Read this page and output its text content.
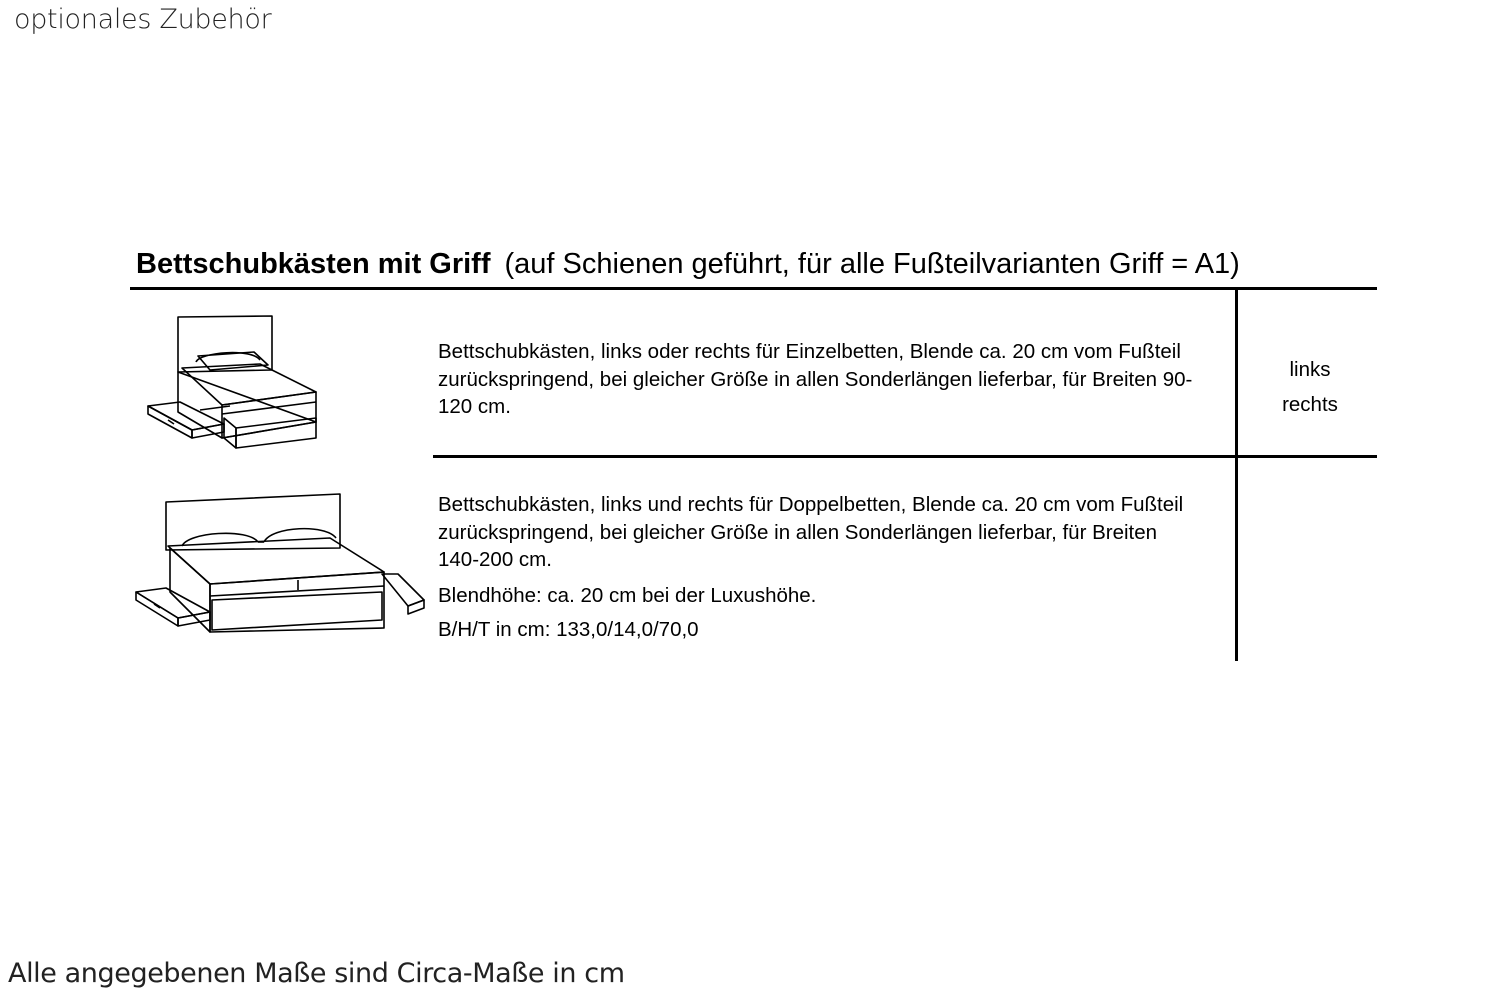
optionales Zubehör
Bettschubkästen mit Griff (auf Schienen geführt, für alle Fußteilvarianten Griff = A1)
Bettschubkästen, links oder rechts für Einzelbetten, Blende ca. 20 cm vom Fußteil
zurückspringend, bei gleicher Größe in allen Sonderlängen lieferbar, für Breiten 90-
120 cm.
links
rechts
Bettschubkästen, links und rechts für Doppelbetten, Blende ca. 20 cm vom Fußteil
zurückspringend, bei gleicher Größe in allen Sonderlängen lieferbar, für Breiten
140-200 cm.
Blendhöhe: ca. 20 cm bei der Luxushöhe.
B/H/T in cm: 133,0/14,0/70,0
Alle angegebenen Maße sind Circa-Maße in cm
